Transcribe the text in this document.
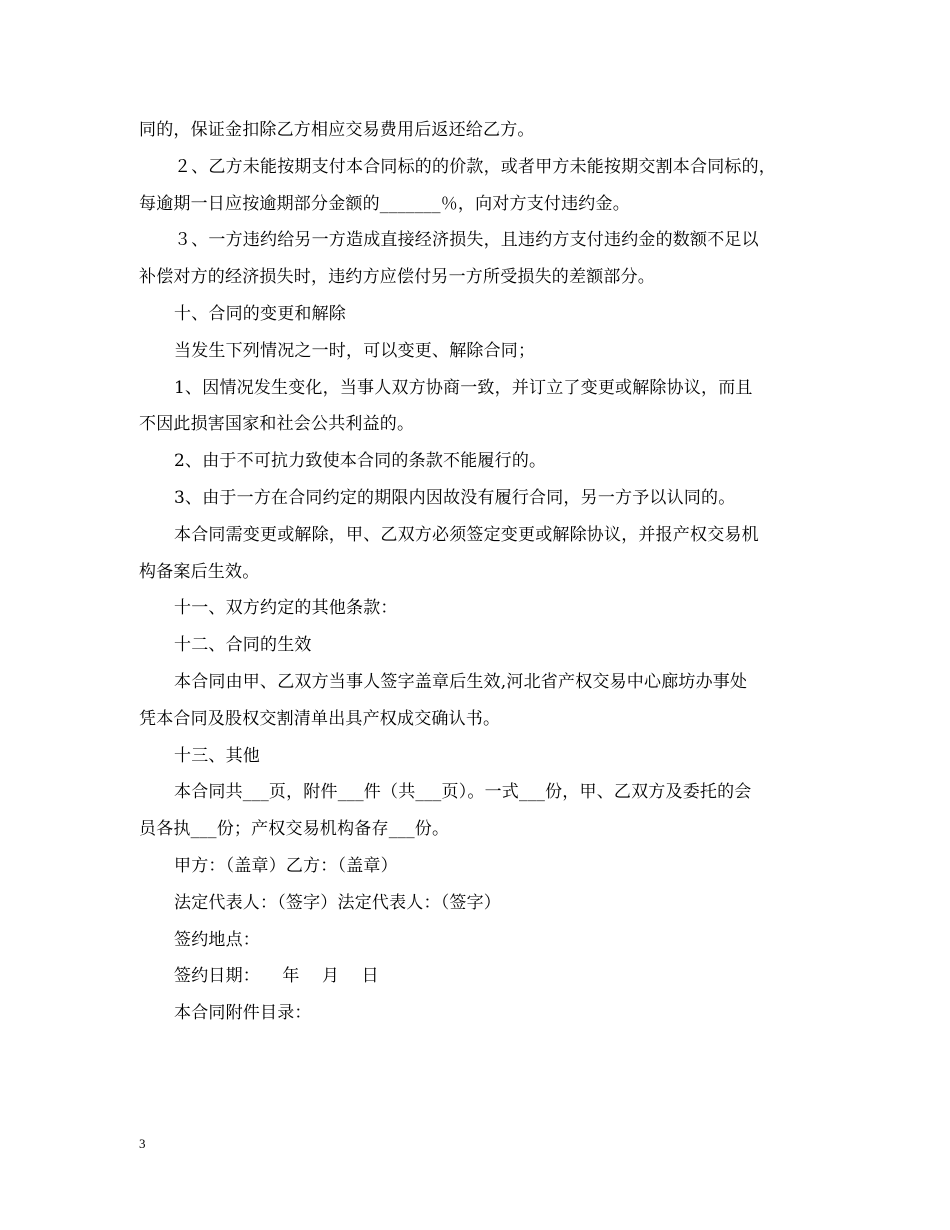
同的，保证金扣除乙方相应交易费用后返还给乙方。
２、乙方未能按期支付本合同标的的价款，或者甲方未能按期交割本合同标的，
每逾期一日应按逾期部分金额的_______％，向对方支付违约金。
３、一方违约给另一方造成直接经济损失，且违约方支付违约金的数额不足以
补偿对方的经济损失时，违约方应偿付另一方所受损失的差额部分。
十、合同的变更和解除
当发生下列情况之一时，可以变更、解除合同；
1、因情况发生变化，当事人双方协商一致，并订立了变更或解除协议，而且
不因此损害国家和社会公共利益的。
2、由于不可抗力致使本合同的条款不能履行的。
3、由于一方在合同约定的期限内因故没有履行合同，另一方予以认同的。
本合同需变更或解除，甲、乙双方必须签定变更或解除协议，并报产权交易机
构备案后生效。
十一、双方约定的其他条款：
十二、合同的生效
本合同由甲、乙双方当事人签字盖章后生效,河北省产权交易中心廊坊办事处
凭本合同及股权交割清单出具产权成交确认书。
十三、其他
本合同共___页，附件___件（共___页）。一式___份，甲、乙双方及委托的会
员各执___份；产权交易机构备存___份。
甲方：（盖章）乙方：（盖章）
法定代表人：（签字）法定代表人：（签字）
签约地点：
签约日期：    年    月    日
本合同附件目录：
3
